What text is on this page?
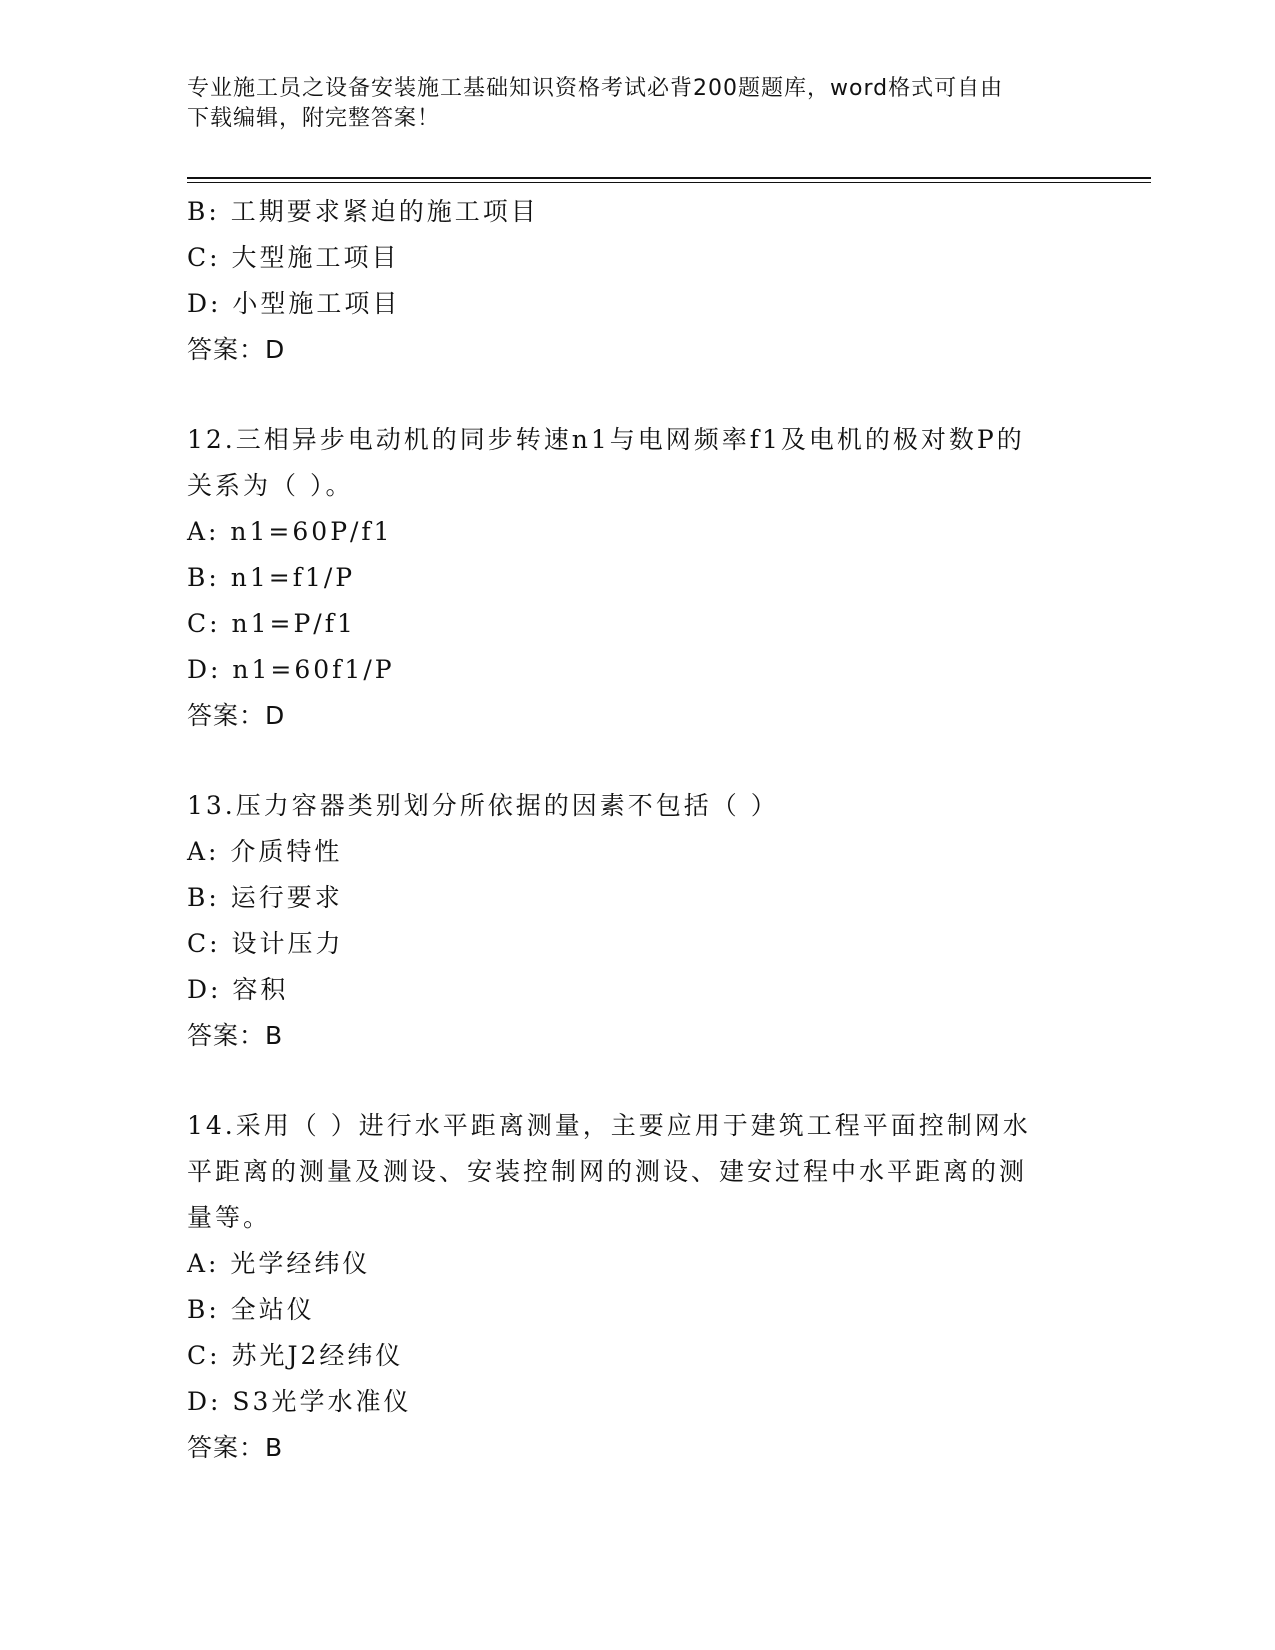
专业施工员之设备安装施工基础知识资格考试必背200题题库，word格式可自由
下载编辑，附完整答案！
B: 工期要求紧迫的施工项目
C: 大型施工项目
D: 小型施工项目
答案：D
12.三相异步电动机的同步转速n1与电网频率f1及电机的极对数P的
关系为（ ）。
A: n1=60P/f1
B: n1=f1/P
C: n1=P/f1
D: n1=60f1/P
答案：D
13.压力容器类别划分所依据的因素不包括（ ）
A: 介质特性
B: 运行要求
C: 设计压力
D: 容积
答案：B
14.采用（ ）进行水平距离测量，主要应用于建筑工程平面控制网水
平距离的测量及测设、安装控制网的测设、建安过程中水平距离的测
量等。
A: 光学经纬仪
B: 全站仪
C: 苏光J2经纬仪
D: S3光学水准仪
答案：B
